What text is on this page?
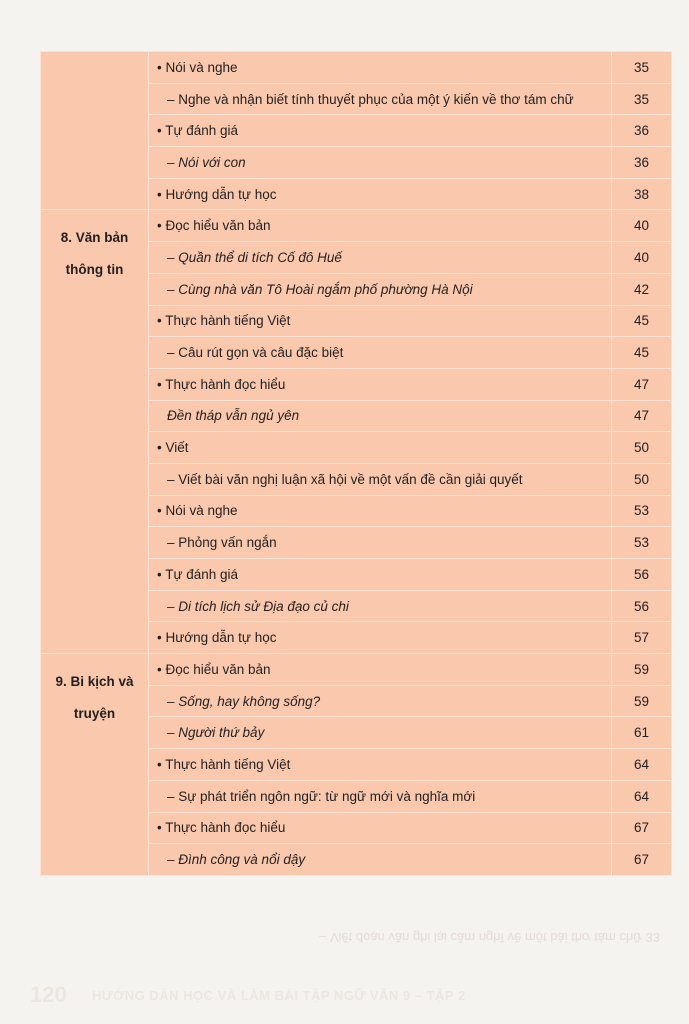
	• Nói và nghe	35
	– Nghe và nhận biết tính thuyết phục của một ý kiến về thơ tám chữ	35
	• Tự đánh giá	36
	– Nói với con	36
	• Hướng dẫn tự học	38
8. Văn bản thông tin	• Đọc hiểu văn bản	40
	– Quần thể di tích Cố đô Huế	40
	– Cùng nhà văn Tô Hoài ngắm phố phường Hà Nội	42
	• Thực hành tiếng Việt	45
	– Câu rút gọn và câu đặc biệt	45
	• Thực hành đọc hiểu	47
	Đền tháp vẫn ngủ yên	47
	• Viết	50
	– Viết bài văn nghị luận xã hội về một vấn đề cần giải quyết	50
	• Nói và nghe	53
	– Phỏng vấn ngắn	53
	• Tự đánh giá	56
	– Di tích lịch sử Địa đạo củ chi	56
	• Hướng dẫn tự học	57
9. Bi kịch và truyện	• Đọc hiểu văn bản	59
	– Sống, hay không sống?	59
	– Người thứ bảy	61
	• Thực hành tiếng Việt	64
	– Sự phát triển ngôn ngữ: từ ngữ mới và nghĩa mới	64
	• Thực hành đọc hiểu	67
	– Đình công và nổi dậy	67
– Viết đoạn văn ghi lại cảm nghĩ về một bài thơ tám chữ 33
120 HƯỚNG DẪN HỌC VÀ LÀM BÀI TẬP NGỮ VĂN 9 – TẬP 2
